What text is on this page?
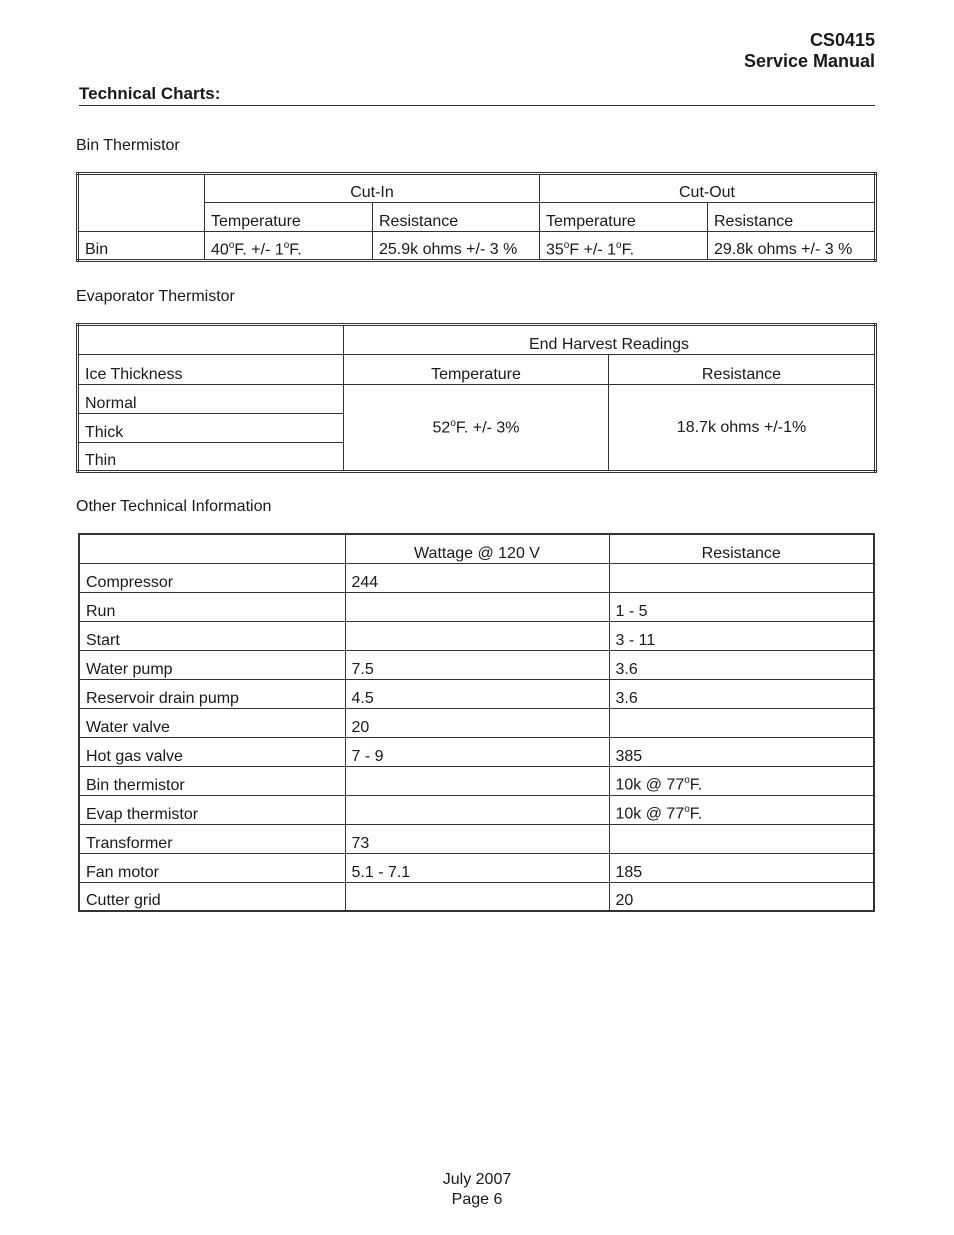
CS0415
Service Manual
Technical Charts:
Bin Thermistor
	Cut-In		Cut-Out	
	Temperature	Resistance	Temperature	Resistance
Bin	$40^oF$. +/- 1$^o$F.	25.9k ohms +/- 3 %	$35^oF$ +/- 1$^o$F.	29.8k ohms +/- 3 %
Evaporator Thermistor
	End Harvest Readings	
Ice Thickness	Temperature	Resistance
Normal	$52^oF$. +/- 3%	18.7k ohms +/-1%
Thick		
Thin		
Other Technical Information
	Wattage @ 120 V	Resistance
Compressor	244	
Run		1 - 5
Start		3 - 11
Water pump	7.5	3.6
Reservoir drain pump	4.5	3.6
Water valve	20	
Hot gas valve	7 - 9	385
Bin thermistor		10k @ 77$^o$F.
Evap thermistor		10k @ 77$^o$F.
Transformer	73	
Fan motor	5.1 - 7.1	185
Cutter grid		20
July 2007
Page 6
